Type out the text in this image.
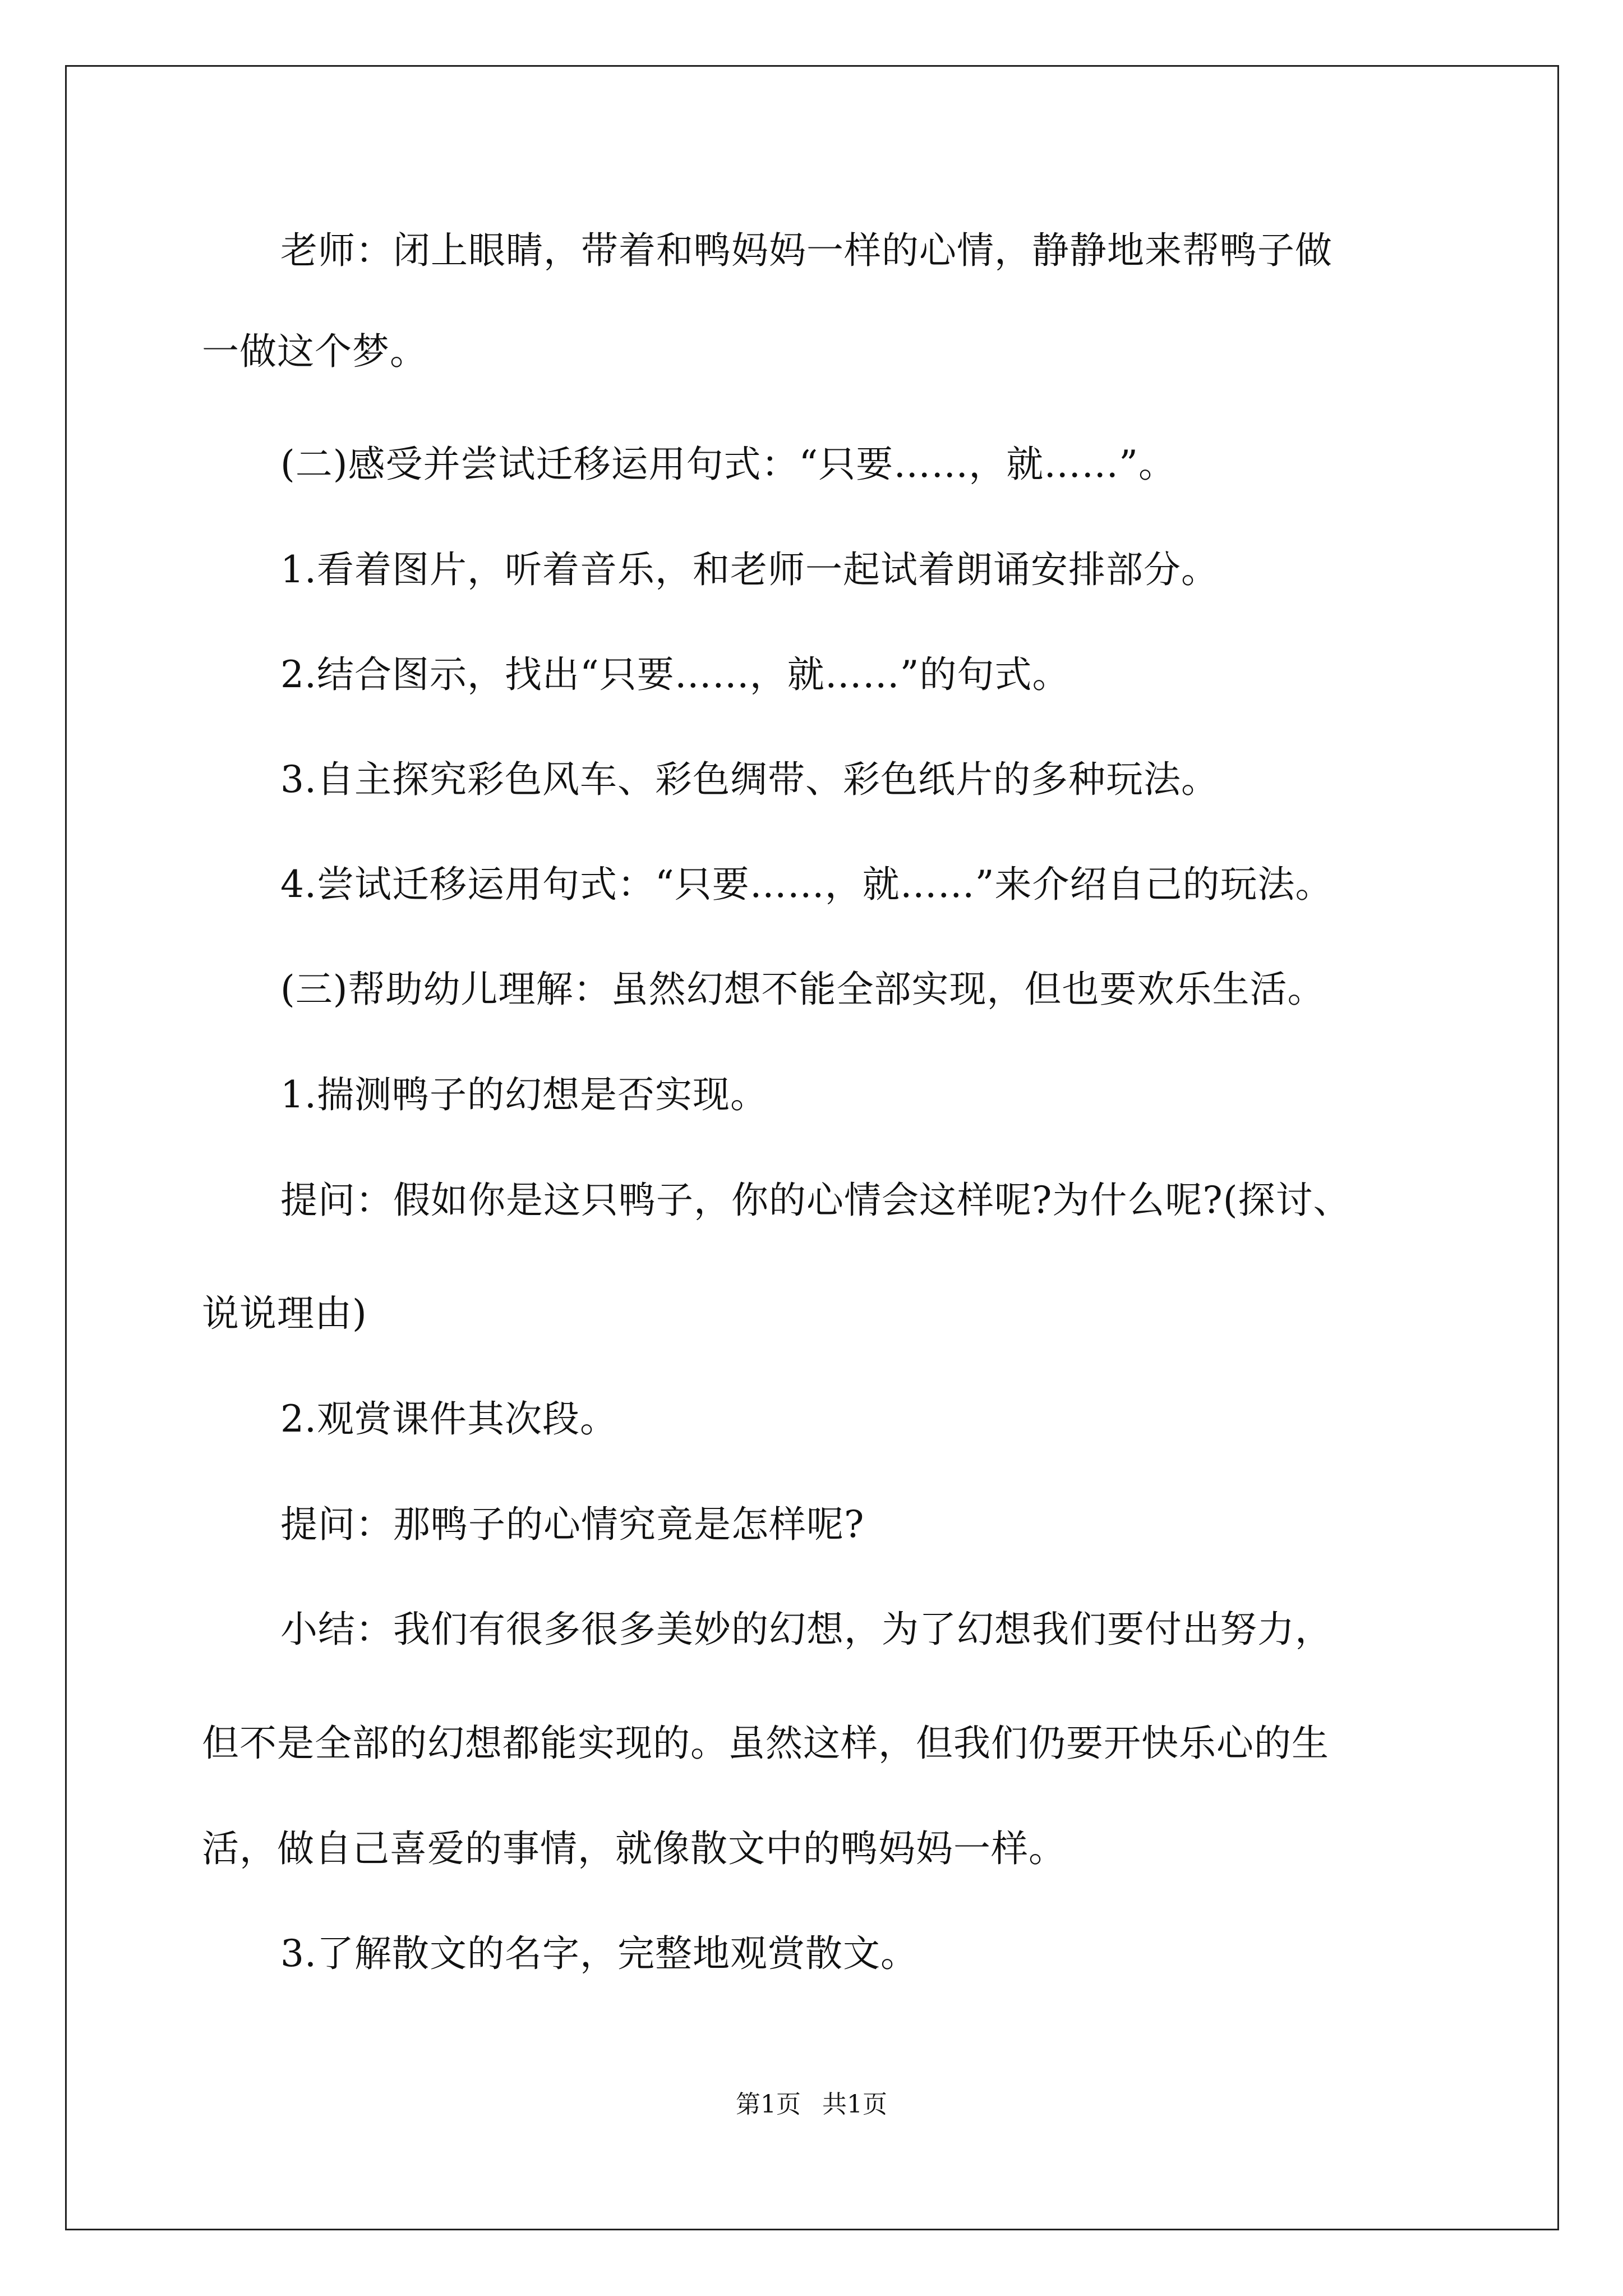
老师：闭上眼睛，带着和鸭妈妈一样的心情，静静地来帮鸭子做
一做这个梦。
(二)感受并尝试迁移运用句式：“只要……，就……”。
1.看着图片，听着音乐，和老师一起试着朗诵安排部分。
2.结合图示，找出“只要……，就……”的句式。
3.自主探究彩色风车、彩色绸带、彩色纸片的多种玩法。
4.尝试迁移运用句式：“只要……，就……”来介绍自己的玩法。
(三)帮助幼儿理解：虽然幻想不能全部实现，但也要欢乐生活。
1.揣测鸭子的幻想是否实现。
提问：假如你是这只鸭子，你的心情会这样呢?为什么呢?(探讨、
说说理由)
2.观赏课件其次段。
提问：那鸭子的心情究竟是怎样呢?
小结：我们有很多很多美妙的幻想，为了幻想我们要付出努力，
但不是全部的幻想都能实现的。虽然这样，但我们仍要开快乐心的生
活，做自己喜爱的事情，就像散文中的鸭妈妈一样。
3.了解散文的名字，完整地观赏散文。
第1页 共1页
